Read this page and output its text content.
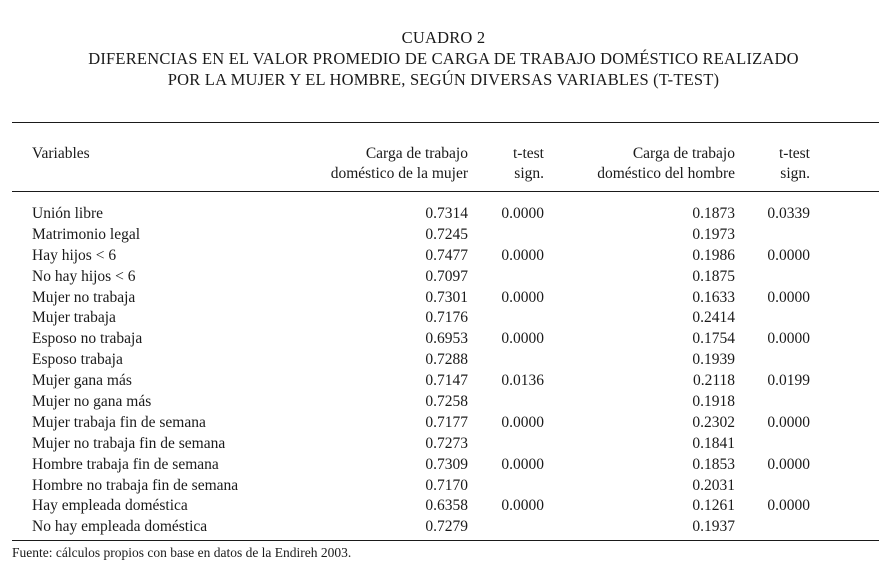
CUADRO 2
DIFERENCIAS EN EL VALOR PROMEDIO DE CARGA DE TRABAJO DOMÉSTICO REALIZADO
POR LA MUJER Y EL HOMBRE, SEGÚN DIVERSAS VARIABLES (T-TEST)
Variables	Carga de trabajo
doméstico de la mujer
t-test
sign.
Carga de trabajo
doméstico del hombre
t-test
sign.
Unión libre	0.7314 0.0000	0.1873 0.0339
Matrimonio legal	0.7245	0.1973
Hay hijos < 6	0.7477 0.0000	0.1986 0.0000
No hay hijos < 6	0.7097	0.1875
Mujer no trabaja	0.7301 0.0000	0.1633 0.0000
Mujer trabaja	0.7176	0.2414
Esposo no trabaja	0.6953 0.0000	0.1754 0.0000
Esposo trabaja	0.7288	0.1939
Mujer gana más	0.7147 0.0136	0.2118 0.0199
Mujer no gana más	0.7258	0.1918
Mujer trabaja fin de semana	0.7177 0.0000	0.2302 0.0000
Mujer no trabaja fin de semana	0.7273	0.1841
Hombre trabaja fin de semana	0.7309 0.0000	0.1853 0.0000
Hombre no trabaja fin de semana	0.7170	0.2031
Hay empleada doméstica	0.6358 0.0000	0.1261 0.0000
No hay empleada doméstica	0.7279	0.1937
Fuente: cálculos propios con base en datos de la Endireh 2003.
